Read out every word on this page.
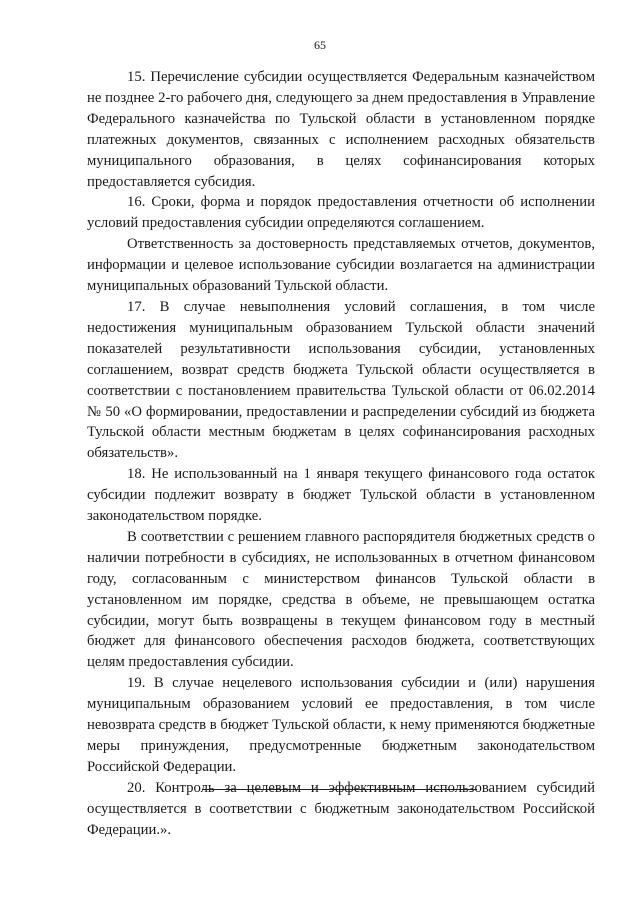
65

15. Перечисление субсидии осуществляется Федеральным казначейством не позднее 2-го рабочего дня, следующего за днем предоставления в Управление Федерального казначейства по Тульской области в установленном порядке платежных документов, связанных с исполнением расходных обязательств муниципального образования, в целях софинансирования которых предоставляется субсидия.

16. Сроки, форма и порядок предоставления отчетности об исполнении условий предоставления субсидии определяются соглашением.

Ответственность за достоверность представляемых отчетов, документов, информации и целевое использование субсидии возлагается на администрации муниципальных образований Тульской области.

17. В случае невыполнения условий соглашения, в том числе недостижения муниципальным образованием Тульской области значений показателей результативности использования субсидии, установленных соглашением, возврат средств бюджета Тульской области осуществляется в соответствии с постановлением правительства Тульской области от 06.02.2014 № 50 «О формировании, предоставлении и распределении субсидий из бюджета Тульской области местным бюджетам в целях софинансирования расходных обязательств».

18. Не использованный на 1 января текущего финансового года остаток субсидии подлежит возврату в бюджет Тульской области в установленном законодательством порядке.

В соответствии с решением главного распорядителя бюджетных средств о наличии потребности в субсидиях, не использованных в отчетном финансовом году, согласованным с министерством финансов Тульской области в установленном им порядке, средства в объеме, не превышающем остатка субсидии, могут быть возвращены в текущем финансовом году в местный бюджет для финансового обеспечения расходов бюджета, соответствующих целям предоставления субсидии.

19. В случае нецелевого использования субсидии и (или) нарушения муниципальным образованием условий ее предоставления, в том числе невозврата средств в бюджет Тульской области, к нему применяются бюджетные меры принуждения, предусмотренные бюджетным законодательством Российской Федерации.

20. Контроль за целевым и эффективным использованием субсидий осуществляется в соответствии с бюджетным законодательством Российской Федерации.».
